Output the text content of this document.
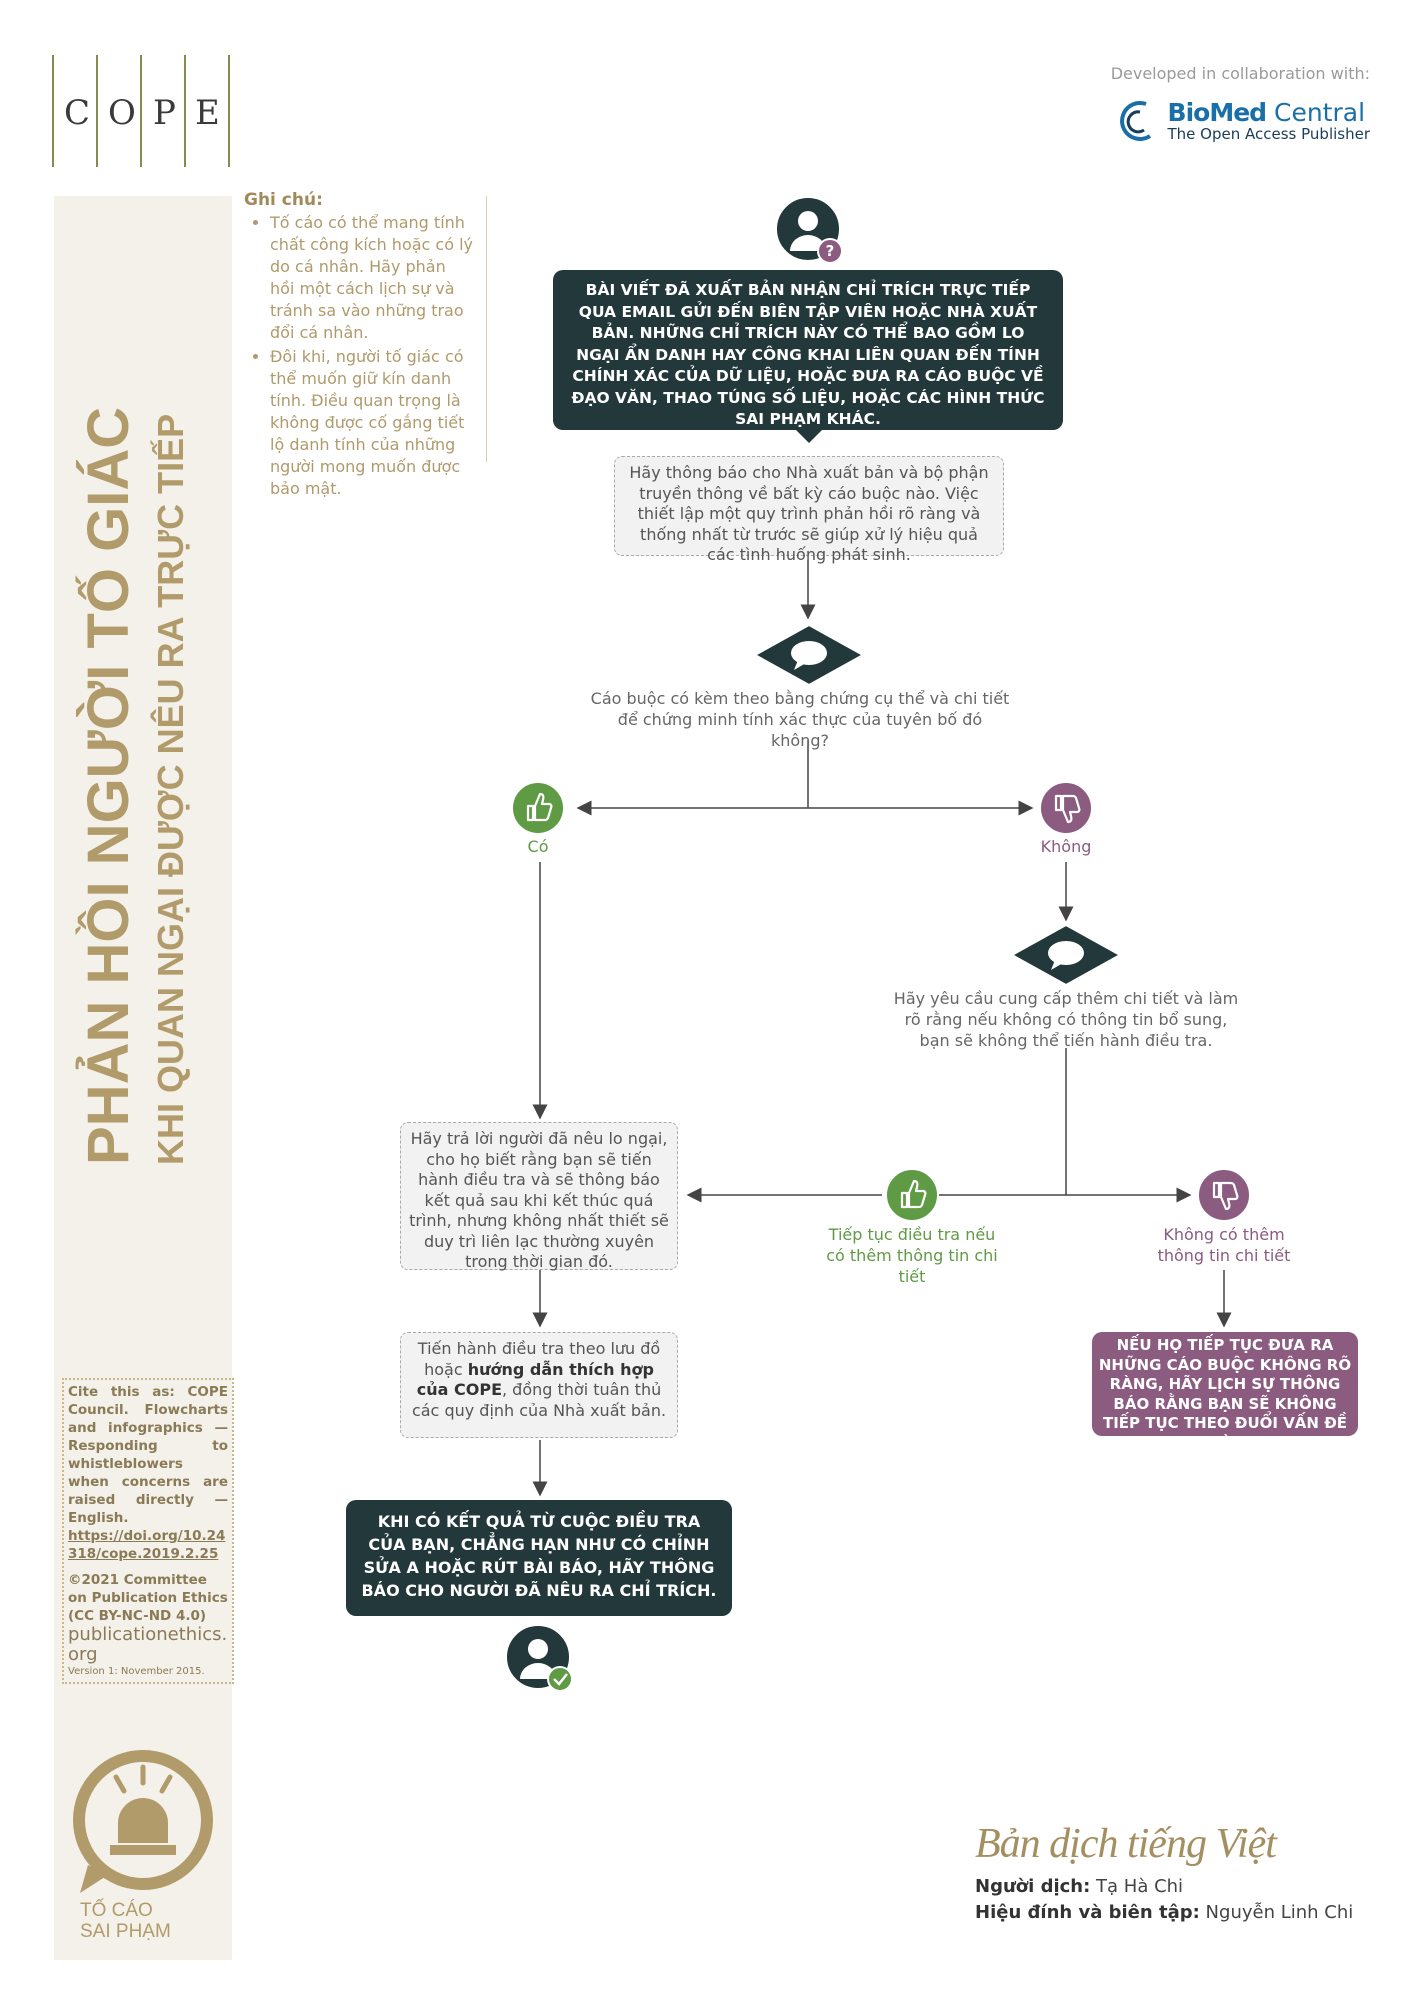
C O P E
Developed in collaboration with:
BioMed Central
The Open Access Publisher
PHẢN HỒI NGƯỜI TỐ GIÁC KHI QUAN NGẠI ĐƯỢC NÊU RA TRỰC TIẾP
Cite this as: COPE Council. Flowcharts and infographics — Responding to whistleblowers when concerns are raised directly — English.
https://doi.org/10.24318/cope.2019.2.25
©2021 Committee on Publication Ethics
(CC BY-NC-ND 4.0)
publicationethics.org
Version 1: November 2015.
TỐ CÁO
SAI PHẠM
Ghi chú:
• Tố cáo có thể mang tính chất công kích hoặc có lý do cá nhân. Hãy phản hồi một cách lịch sự và tránh sa vào những trao đổi cá nhân.
• Đôi khi, người tố giác có thể muốn giữ kín danh tính. Điều quan trọng là không được cố gắng tiết lộ danh tính của những người mong muốn được bảo mật.
?
BÀI VIẾT ĐÃ XUẤT BẢN NHẬN CHỈ TRÍCH TRỰC TIẾP QUA EMAIL GỬI ĐẾN BIÊN TẬP VIÊN HOẶC NHÀ XUẤT BẢN. NHỮNG CHỈ TRÍCH NÀY CÓ THỂ BAO GỒM LO NGẠI ẨN DANH HAY CÔNG KHAI LIÊN QUAN ĐẾN TÍNH CHÍNH XÁC CỦA DỮ LIỆU, HOẶC ĐƯA RA CÁO BUỘC VỀ ĐẠO VĂN, THAO TÚNG SỐ LIỆU, HOẶC CÁC HÌNH THỨC SAI PHẠM KHÁC.
Hãy thông báo cho Nhà xuất bản và bộ phận truyền thông về bất kỳ cáo buộc nào. Việc thiết lập một quy trình phản hồi rõ ràng và thống nhất từ trước sẽ giúp xử lý hiệu quả các tình huống phát sinh.
Cáo buộc có kèm theo bằng chứng cụ thể và chi tiết để chứng minh tính xác thực của tuyên bố đó không?
Có	Không
Hãy yêu cầu cung cấp thêm chi tiết và làm rõ rằng nếu không có thông tin bổ sung, bạn sẽ không thể tiến hành điều tra.
Hãy trả lời người đã nêu lo ngại, cho họ biết rằng bạn sẽ tiến hành điều tra và sẽ thông báo kết quả sau khi kết thúc quá trình, nhưng không nhất thiết sẽ duy trì liên lạc thường xuyên trong thời gian đó.
Tiếp tục điều tra nếu có thêm thông tin chi tiết
Không có thêm thông tin chi tiết
Tiến hành điều tra theo lưu đồ hoặc hướng dẫn thích hợp của COPE, đồng thời tuân thủ các quy định của Nhà xuất bản.
NẾU HỌ TIẾP TỤC ĐƯA RA NHỮNG CÁO BUỘC KHÔNG RÕ RÀNG, HÃY LỊCH SỰ THÔNG BÁO RẰNG BẠN SẼ KHÔNG TIẾP TỤC THEO ĐUỔI VẤN ĐỀ NÀY
KHI CÓ KẾT QUẢ TỪ CUỘC ĐIỀU TRA CỦA BẠN, CHẲNG HẠN NHƯ CÓ CHỈNH SỬA A HOẶC RÚT BÀI BÁO, HÃY THÔNG BÁO CHO NGƯỜI ĐÃ NÊU RA CHỈ TRÍCH.
Bản dịch tiếng Việt
Người dịch: Tạ Hà Chi
Hiệu đính và biên tập: Nguyễn Linh Chi
